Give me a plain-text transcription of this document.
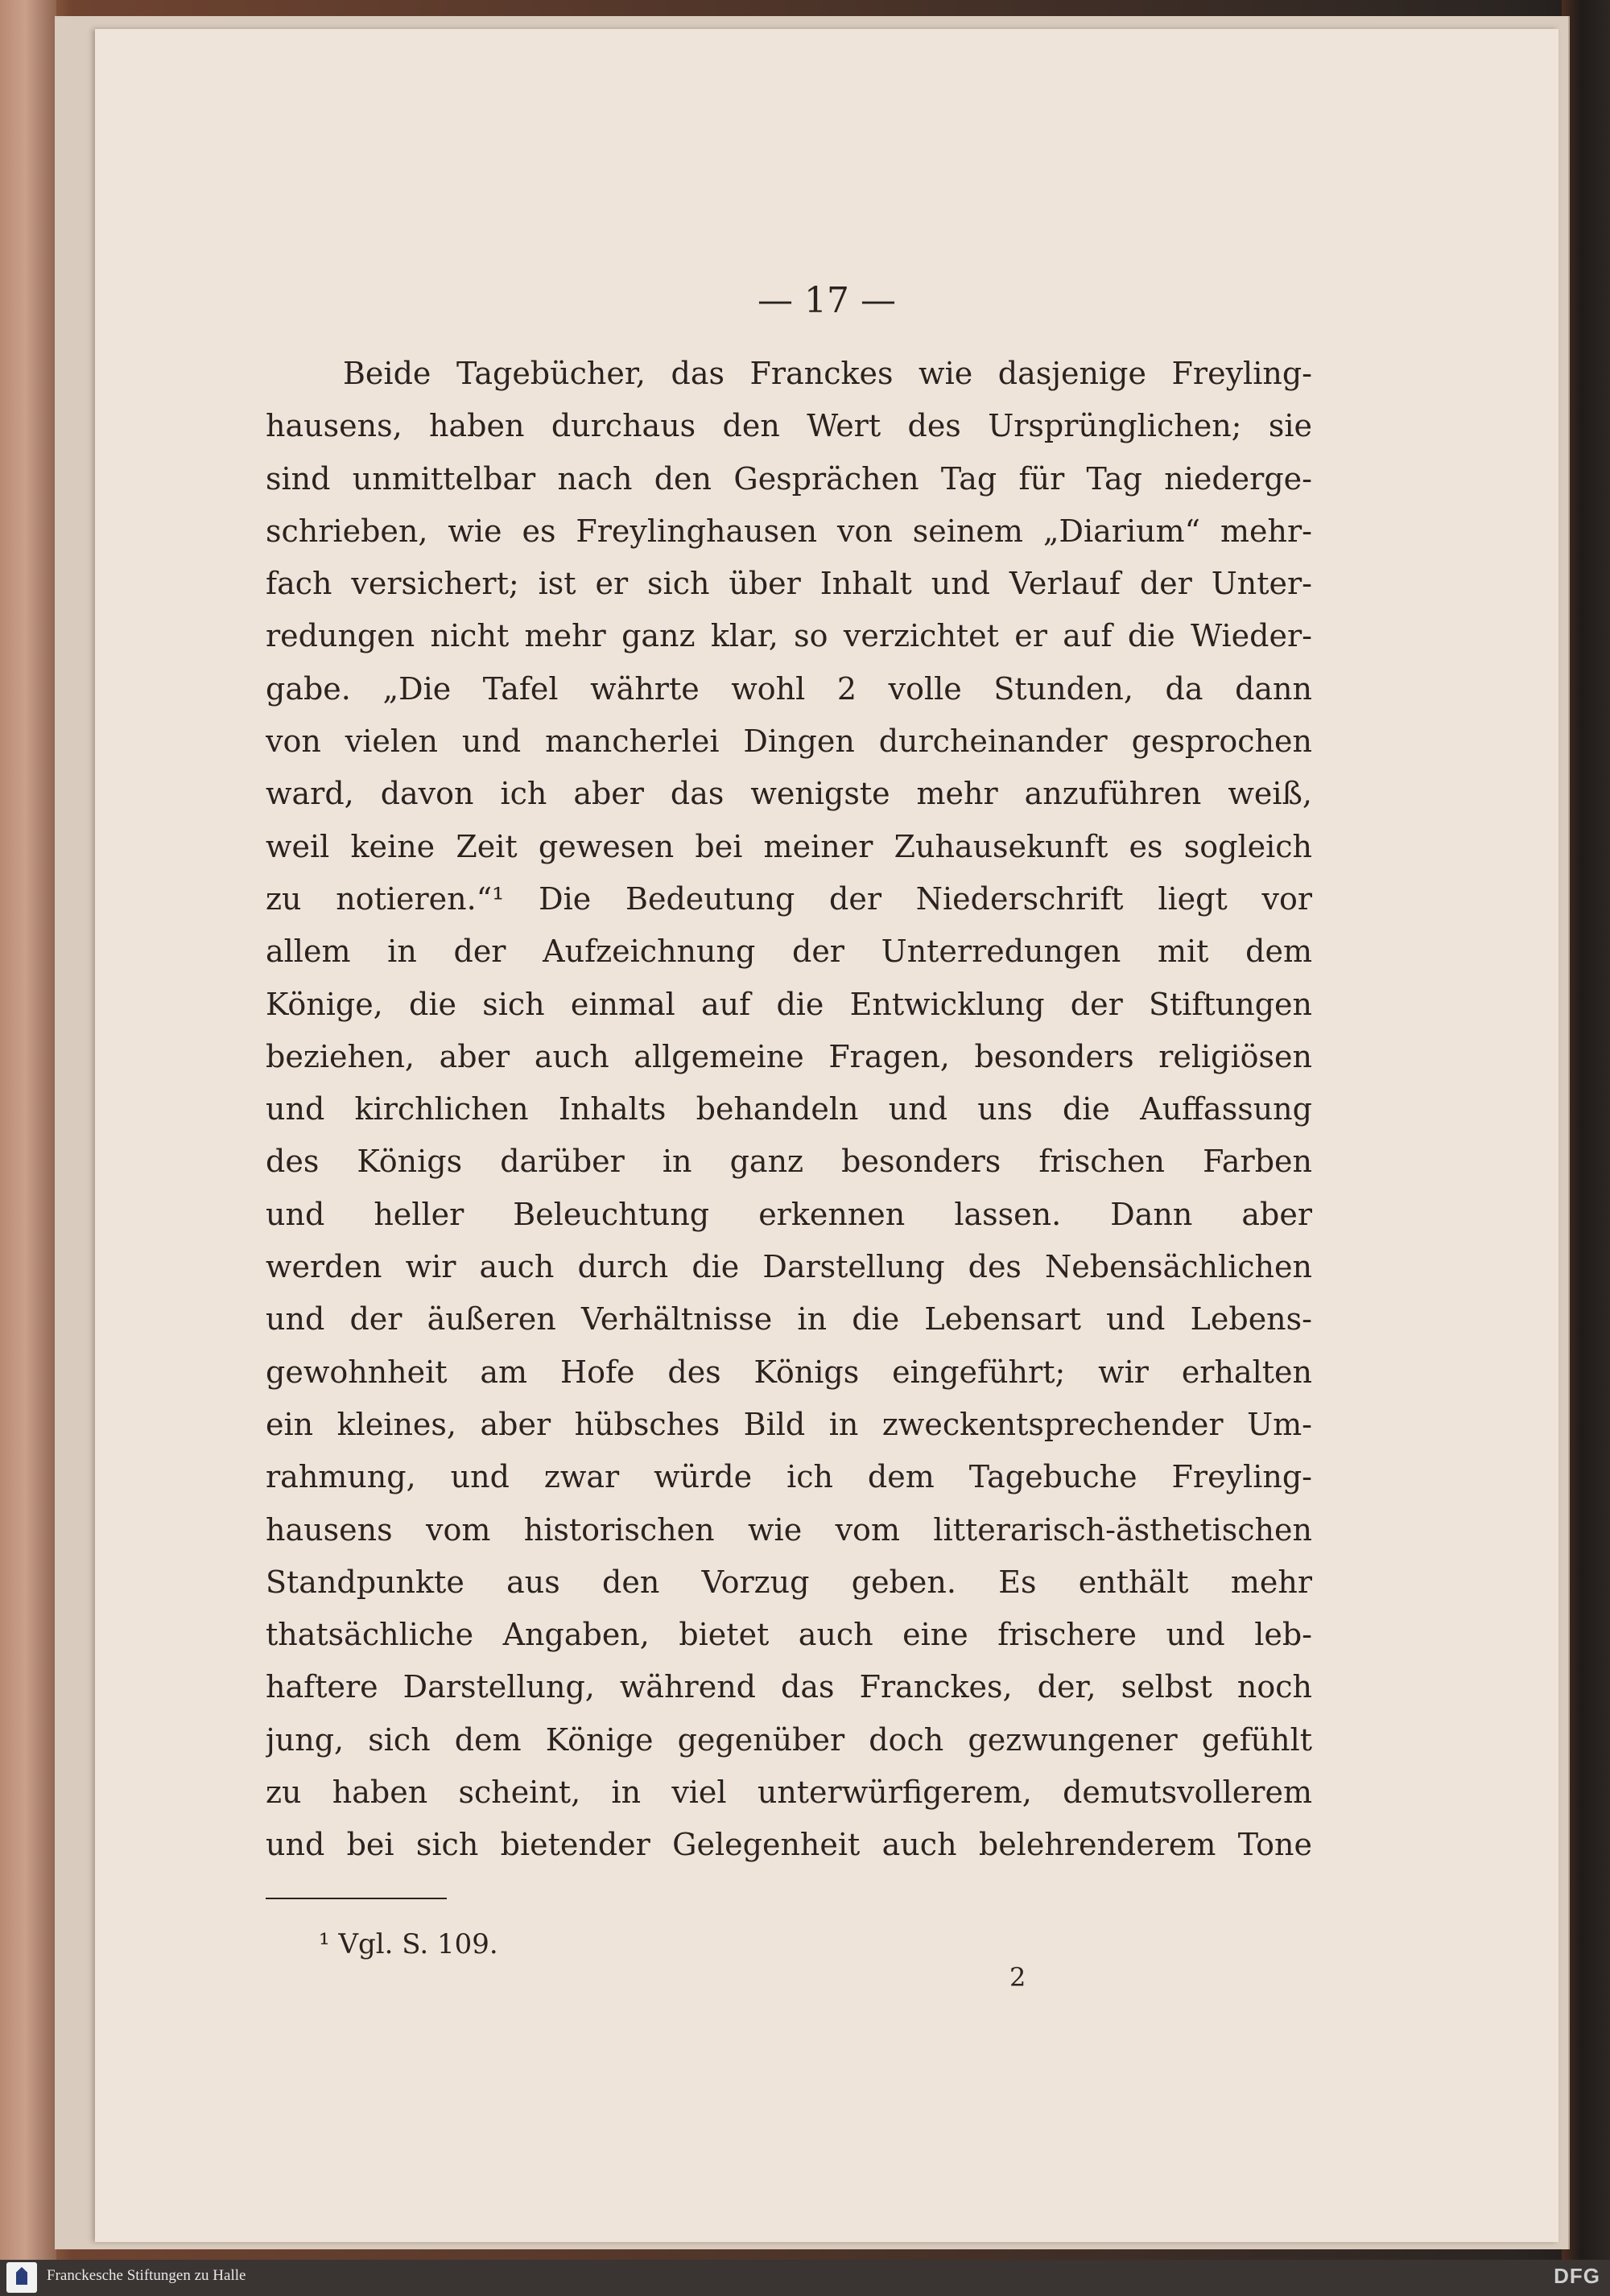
— 17 —
Beide Tagebücher, das Franckes wie dasjenige Freyling-
hausens, haben durchaus den Wert des Ursprünglichen; sie
sind unmittelbar nach den Gesprächen Tag für Tag niederge-
schrieben, wie es Freylinghausen von seinem „Diarium“ mehr-
fach versichert; ist er sich über Inhalt und Verlauf der Unter-
redungen nicht mehr ganz klar, so verzichtet er auf die Wieder-
gabe. „Die Tafel währte wohl 2 volle Stunden, da dann
von vielen und mancherlei Dingen durcheinander gesprochen
ward, davon ich aber das wenigste mehr anzuführen weiß,
weil keine Zeit gewesen bei meiner Zuhausekunft es sogleich
zu notieren.“¹ Die Bedeutung der Niederschrift liegt vor
allem in der Aufzeichnung der Unterredungen mit dem
Könige, die sich einmal auf die Entwicklung der Stiftungen
beziehen, aber auch allgemeine Fragen, besonders religiösen
und kirchlichen Inhalts behandeln und uns die Auffassung
des Königs darüber in ganz besonders frischen Farben
und heller Beleuchtung erkennen lassen. Dann aber
werden wir auch durch die Darstellung des Nebensächlichen
und der äußeren Verhältnisse in die Lebensart und Lebens-
gewohnheit am Hofe des Königs eingeführt; wir erhalten
ein kleines, aber hübsches Bild in zweckentsprechender Um-
rahmung, und zwar würde ich dem Tagebuche Freyling-
hausens vom historischen wie vom litterarisch-ästhetischen
Standpunkte aus den Vorzug geben. Es enthält mehr
thatsächliche Angaben, bietet auch eine frischere und leb-
haftere Darstellung, während das Franckes, der, selbst noch
jung, sich dem Könige gegenüber doch gezwungener gefühlt
zu haben scheint, in viel unterwürfigerem, demutsvollerem
und bei sich bietender Gelegenheit auch belehrenderem Tone
¹ Vgl. S. 109.
2
Franckesche Stiftungen zu Halle	DFG
